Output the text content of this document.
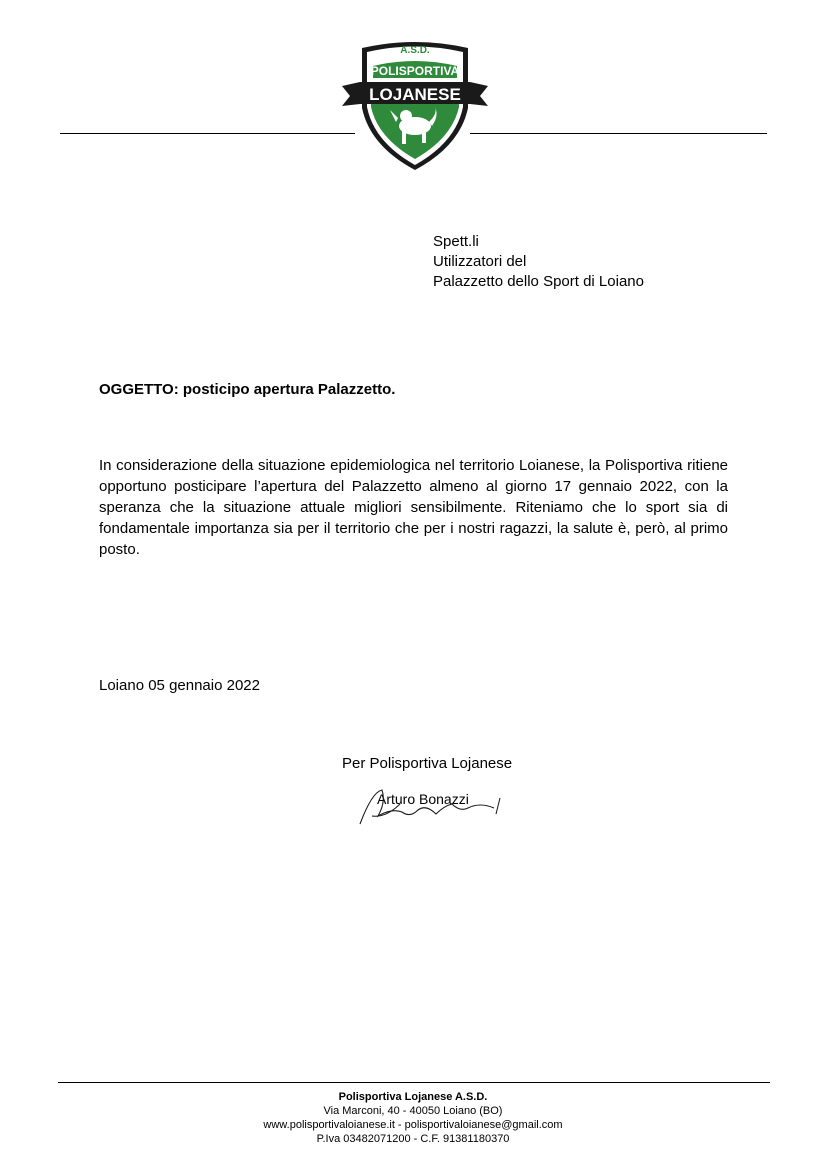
A.S.D.
POLISPORTIVA
LOJANESE
Spett.li
Utilizzatori del
Palazzetto dello Sport di Loiano
OGGETTO: posticipo apertura Palazzetto.

In considerazione della situazione epidemiologica nel territorio Loianese, la Polisportiva ritiene opportuno posticipare l’apertura del Palazzetto almeno al giorno 17 gennaio 2022, con la speranza che la situazione attuale migliori sensibilmente. Riteniamo che lo sport sia di fondamentale importanza sia per il territorio che per i nostri ragazzi, la salute è, però, al primo posto.

Loiano 05 gennaio 2022
Per Polisportiva Lojanese
Arturo Bonazzi
Polisportiva Lojanese A.S.D.
Via Marconi, 40 - 40050 Loiano (BO)
www.polisportivaloianese.it - polisportivaloianese@gmail.com
P.Iva 03482071200 - C.F. 91381180370
